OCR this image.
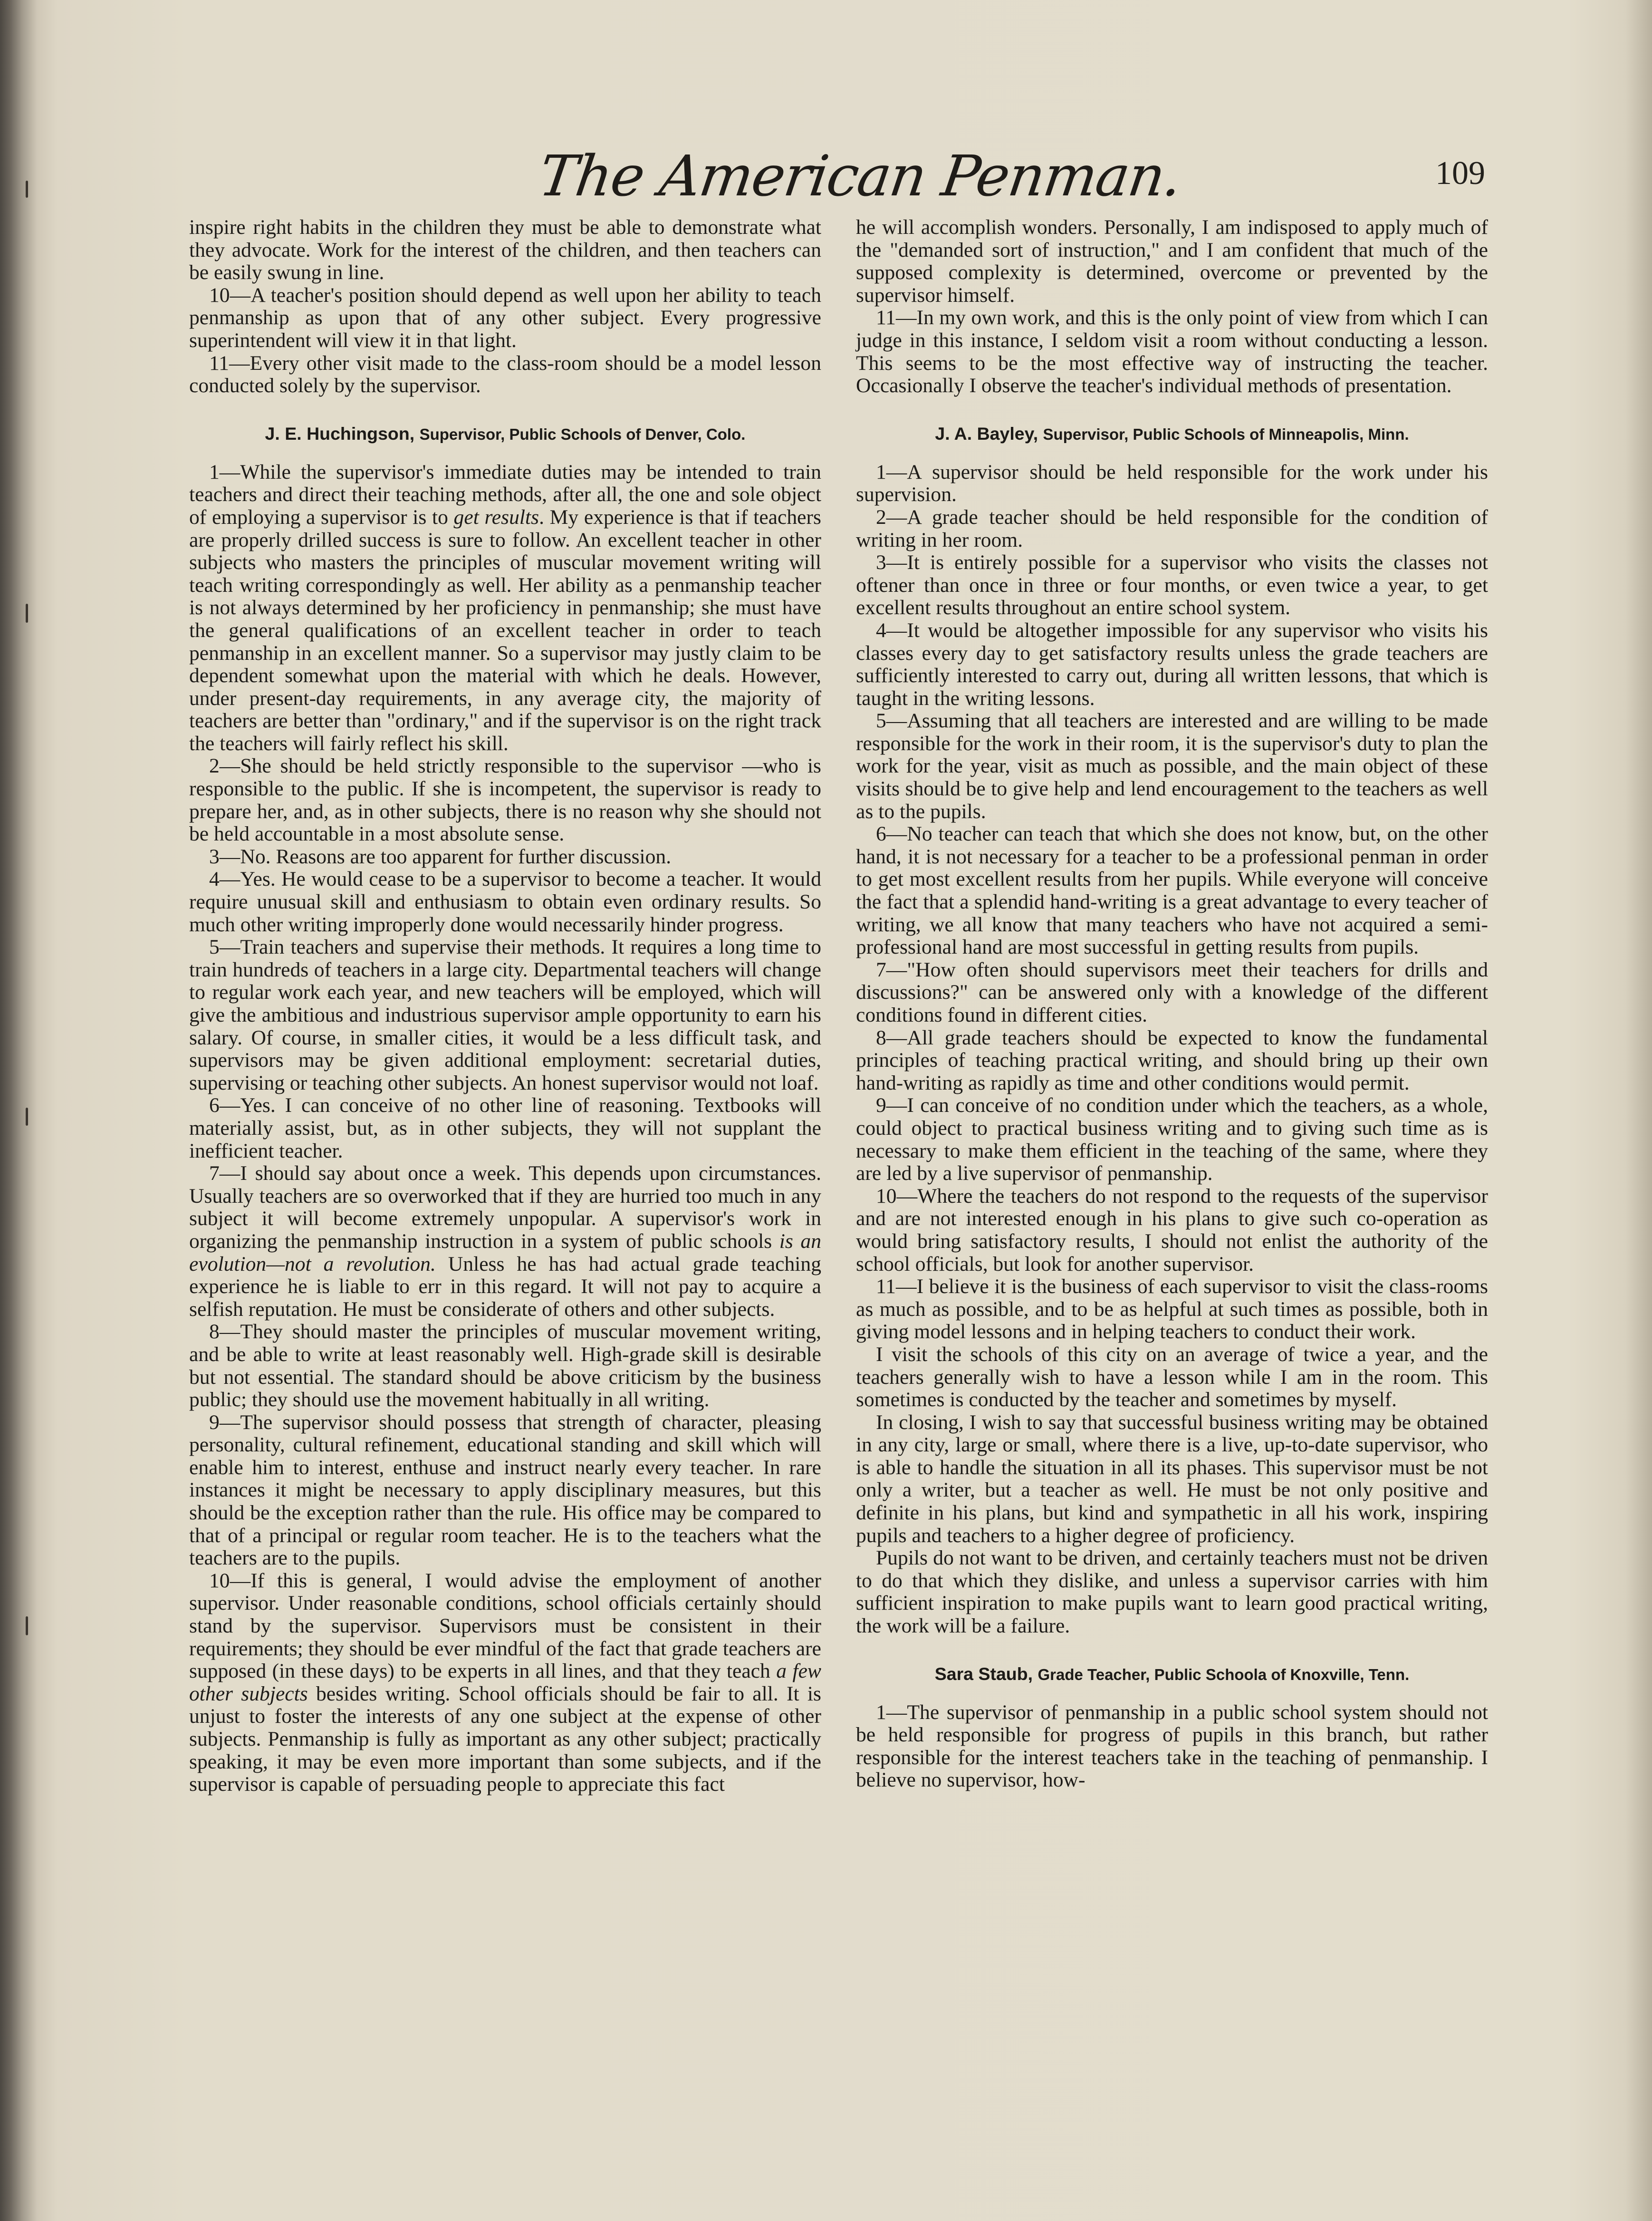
The American Penman.	109

inspire right habits in the children they must be able to demonstrate what they advocate. Work for the interest of the children, and then teachers can be easily swung in line.

10—A teacher's position should depend as well upon her ability to teach penmanship as upon that of any other subject. Every progressive superintendent will view it in that light.

11—Every other visit made to the class-room should be a model lesson conducted solely by the supervisor.

J. E. Huchingson, Supervisor, Public Schools of Denver, Colo.

1—While the supervisor's immediate duties may be intended to train teachers and direct their teaching methods, after all, the one and sole object of employing a supervisor is to get results. My experience is that if teachers are properly drilled success is sure to follow. An excellent teacher in other subjects who masters the principles of muscular movement writing will teach writing correspondingly as well. Her ability as a penmanship teacher is not always determined by her proficiency in penmanship; she must have the general qualifications of an excellent teacher in order to teach penmanship in an excellent manner. So a supervisor may justly claim to be dependent somewhat upon the material with which he deals. However, under present-day requirements, in any average city, the majority of teachers are better than "ordinary," and if the supervisor is on the right track the teachers will fairly reflect his skill.

2—She should be held strictly responsible to the supervisor —who is responsible to the public. If she is incompetent, the supervisor is ready to prepare her, and, as in other subjects, there is no reason why she should not be held accountable in a most absolute sense.

3—No. Reasons are too apparent for further discussion.

4—Yes. He would cease to be a supervisor to become a teacher. It would require unusual skill and enthusiasm to obtain even ordinary results. So much other writing improperly done would necessarily hinder progress.

5—Train teachers and supervise their methods. It requires a long time to train hundreds of teachers in a large city. Departmental teachers will change to regular work each year, and new teachers will be employed, which will give the ambitious and industrious supervisor ample opportunity to earn his salary. Of course, in smaller cities, it would be a less difficult task, and supervisors may be given additional employment: secretarial duties, supervising or teaching other subjects. An honest supervisor would not loaf.

6—Yes. I can conceive of no other line of reasoning. Textbooks will materially assist, but, as in other subjects, they will not supplant the inefficient teacher.

7—I should say about once a week. This depends upon circumstances. Usually teachers are so overworked that if they are hurried too much in any subject it will become extremely unpopular. A supervisor's work in organizing the penmanship instruction in a system of public schools is an evolution—not a revolution. Unless he has had actual grade teaching experience he is liable to err in this regard. It will not pay to acquire a selfish reputation. He must be considerate of others and other subjects.

8—They should master the principles of muscular movement writing, and be able to write at least reasonably well. High-grade skill is desirable but not essential. The standard should be above criticism by the business public; they should use the movement habitually in all writing.

9—The supervisor should possess that strength of character, pleasing personality, cultural refinement, educational standing and skill which will enable him to interest, enthuse and instruct nearly every teacher. In rare instances it might be necessary to apply disciplinary measures, but this should be the exception rather than the rule. His office may be compared to that of a principal or regular room teacher. He is to the teachers what the teachers are to the pupils.

10—If this is general, I would advise the employment of another supervisor. Under reasonable conditions, school officials certainly should stand by the supervisor. Supervisors must be consistent in their requirements; they should be ever mindful of the fact that grade teachers are supposed (in these days) to be experts in all lines, and that they teach a few other subjects besides writing. School officials should be fair to all. It is unjust to foster the interests of any one subject at the expense of other subjects. Penmanship is fully as important as any other subject; practically speaking, it may be even more important than some subjects, and if the supervisor is capable of persuading people to appreciate this fact

he will accomplish wonders. Personally, I am indisposed to apply much of the "demanded sort of instruction," and I am confident that much of the supposed complexity is determined, overcome or prevented by the supervisor himself.

11—In my own work, and this is the only point of view from which I can judge in this instance, I seldom visit a room without conducting a lesson. This seems to be the most effective way of instructing the teacher. Occasionally I observe the teacher's individual methods of presentation.

J. A. Bayley, Supervisor, Public Schools of Minneapolis, Minn.

1—A supervisor should be held responsible for the work under his supervision.

2—A grade teacher should be held responsible for the condition of writing in her room.

3—It is entirely possible for a supervisor who visits the classes not oftener than once in three or four months, or even twice a year, to get excellent results throughout an entire school system.

4—It would be altogether impossible for any supervisor who visits his classes every day to get satisfactory results unless the grade teachers are sufficiently interested to carry out, during all written lessons, that which is taught in the writing lessons.

5—Assuming that all teachers are interested and are willing to be made responsible for the work in their room, it is the supervisor's duty to plan the work for the year, visit as much as possible, and the main object of these visits should be to give help and lend encouragement to the teachers as well as to the pupils.

6—No teacher can teach that which she does not know, but, on the other hand, it is not necessary for a teacher to be a professional penman in order to get most excellent results from her pupils. While everyone will conceive the fact that a splendid hand-writing is a great advantage to every teacher of writing, we all know that many teachers who have not acquired a semi-professional hand are most successful in getting results from pupils.

7—"How often should supervisors meet their teachers for drills and discussions?" can be answered only with a knowledge of the different conditions found in different cities.

8—All grade teachers should be expected to know the fundamental principles of teaching practical writing, and should bring up their own hand-writing as rapidly as time and other conditions would permit.

9—I can conceive of no condition under which the teachers, as a whole, could object to practical business writing and to giving such time as is necessary to make them efficient in the teaching of the same, where they are led by a live supervisor of penmanship.

10—Where the teachers do not respond to the requests of the supervisor and are not interested enough in his plans to give such co-operation as would bring satisfactory results, I should not enlist the authority of the school officials, but look for another supervisor.

11—I believe it is the business of each supervisor to visit the class-rooms as much as possible, and to be as helpful at such times as possible, both in giving model lessons and in helping teachers to conduct their work.

I visit the schools of this city on an average of twice a year, and the teachers generally wish to have a lesson while I am in the room. This sometimes is conducted by the teacher and sometimes by myself.

In closing, I wish to say that successful business writing may be obtained in any city, large or small, where there is a live, up-to-date supervisor, who is able to handle the situation in all its phases. This supervisor must be not only a writer, but a teacher as well. He must be not only positive and definite in his plans, but kind and sympathetic in all his work, inspiring pupils and teachers to a higher degree of proficiency.

Pupils do not want to be driven, and certainly teachers must not be driven to do that which they dislike, and unless a supervisor carries with him sufficient inspiration to make pupils want to learn good practical writing, the work will be a failure.

Sara Staub, Grade Teacher, Public Schoola of Knoxville, Tenn.

1—The supervisor of penmanship in a public school system should not be held responsible for progress of pupils in this branch, but rather responsible for the interest teachers take in the teaching of penmanship. I believe no supervisor, how-
